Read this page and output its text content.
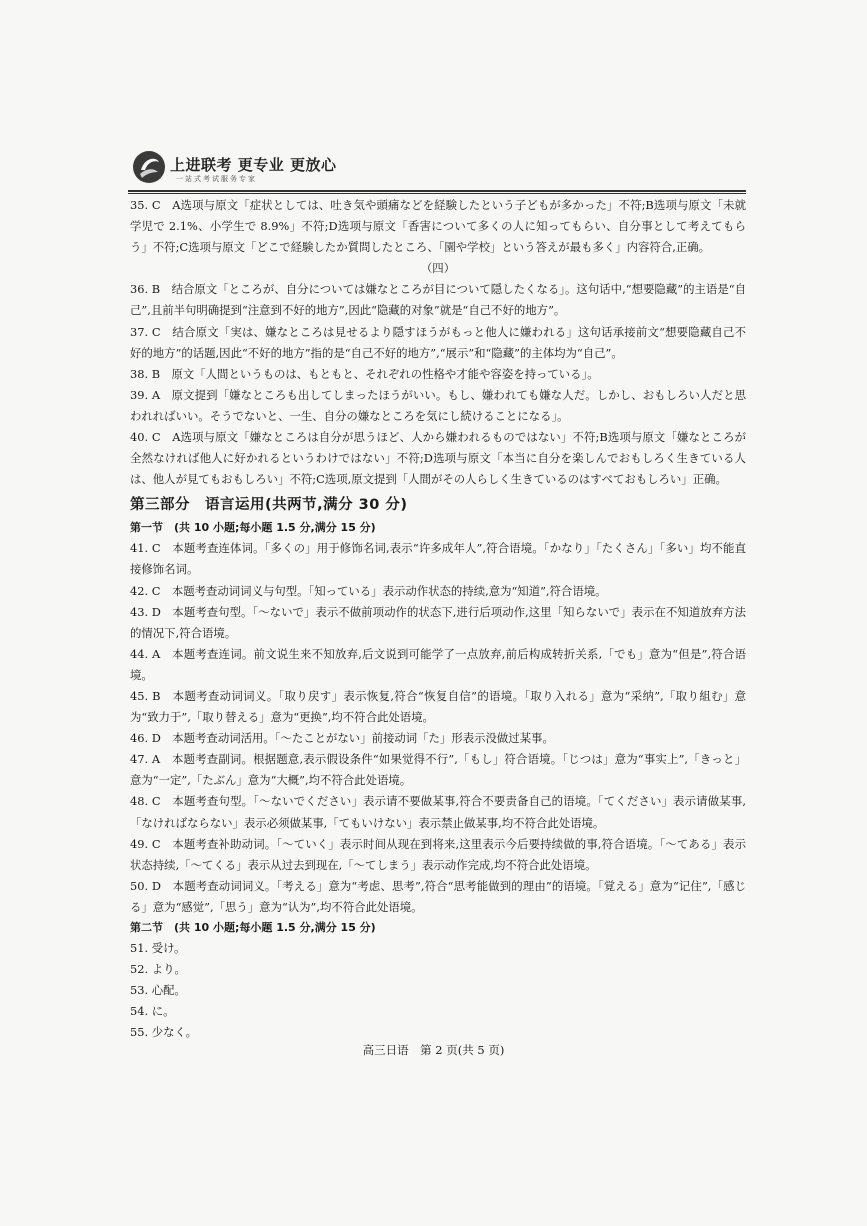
上进联考 更专业 更放心
一站式考试服务专家

35. C　A选项与原文「症状としては、吐き気や頭痛などを経験したという子どもが多かった」不符;B选项与原文「未就学児で 2.1%、小学生で 8.9%」不符;D选项与原文「香害について多くの人に知ってもらい、自分事として考えてもらう」不符;C选项与原文「どこで経験したか質問したところ、「園や学校」という答えが最も多く」内容符合,正确。

（四）

36. B　结合原文「ところが、自分については嫌なところが目について隠したくなる」。这句话中,“想要隐藏”的主语是“自己”,且前半句明确提到“注意到不好的地方”,因此“隐藏的对象”就是“自己不好的地方”。

37. C　结合原文「実は、嫌なところは見せるより隠すほうがもっと他人に嫌われる」这句话承接前文“想要隐藏自己不好的地方”的话题,因此“不好的地方”指的是“自己不好的地方”,“展示”和“隐藏”的主体均为“自己”。

38. B　原文「人間というものは、もともと、それぞれの性格や才能や容姿を持っている」。

39. A　原文提到「嫌なところも出してしまったほうがいい。もし、嫌われても嫌な人だ。しかし、おもしろい人だと思われればいい。そうでないと、一生、自分の嫌なところを気にし続けることになる」。

40. C　A选项与原文「嫌なところは自分が思うほど、人から嫌われるものではない」不符;B选项与原文「嫌なところが全然なければ他人に好かれるというわけではない」不符;D选项与原文「本当に自分を楽しんでおもしろく生きている人は、他人が見てもおもしろい」不符;C选项,原文提到「人間がその人らしく生きているのはすべておもしろい」正确。

第三部分　语言运用(共两节,满分 30 分)
第一节　(共 10 小题;每小题 1.5 分,满分 15 分)

41. C　本题考查连体词。「多くの」用于修饰名词,表示“许多成年人”,符合语境。「かなり」「たくさん」「多い」均不能直接修饰名词。

42. C　本题考查动词词义与句型。「知っている」表示动作状态的持续,意为“知道”,符合语境。

43. D　本题考查句型。「～ないで」表示不做前项动作的状态下,进行后项动作,这里「知らないで」表示在不知道放弃方法的情况下,符合语境。

44. A　本题考查连词。前文说生来不知放弃,后文说到可能学了一点放弃,前后构成转折关系,「でも」意为“但是”,符合语境。

45. B　本题考查动词词义。「取り戻す」表示恢复,符合“恢复自信”的语境。「取り入れる」意为“采纳”,「取り組む」意为“致力于”,「取り替える」意为“更换”,均不符合此处语境。

46. D　本题考查动词活用。「～たことがない」前接动词「た」形表示没做过某事。

47. A　本题考查副词。根据题意,表示假设条件“如果觉得不行”,「もし」符合语境。「じつは」意为“事实上”,「きっと」意为“一定”,「たぶん」意为“大概”,均不符合此处语境。

48. C　本题考查句型。「～ないでください」表示请不要做某事,符合不要责备自己的语境。「てください」表示请做某事,「なければならない」表示必须做某事,「てもいけない」表示禁止做某事,均不符合此处语境。

49. C　本题考查补助动词。「～ていく」表示时间从现在到将来,这里表示今后要持续做的事,符合语境。「～てある」表示状态持续,「～てくる」表示从过去到现在,「～てしまう」表示动作完成,均不符合此处语境。

50. D　本题考查动词词义。「考える」意为“考虑、思考”,符合“思考能做到的理由”的语境。「覚える」意为“记住”,「感じる」意为“感觉”,「思う」意为“认为”,均不符合此处语境。

第二节　(共 10 小题;每小题 1.5 分,满分 15 分)

51. 受け。

52. より。

53. 心配。

54. に。

55. 少なく。

高三日语　第 2 页(共 5 页)
